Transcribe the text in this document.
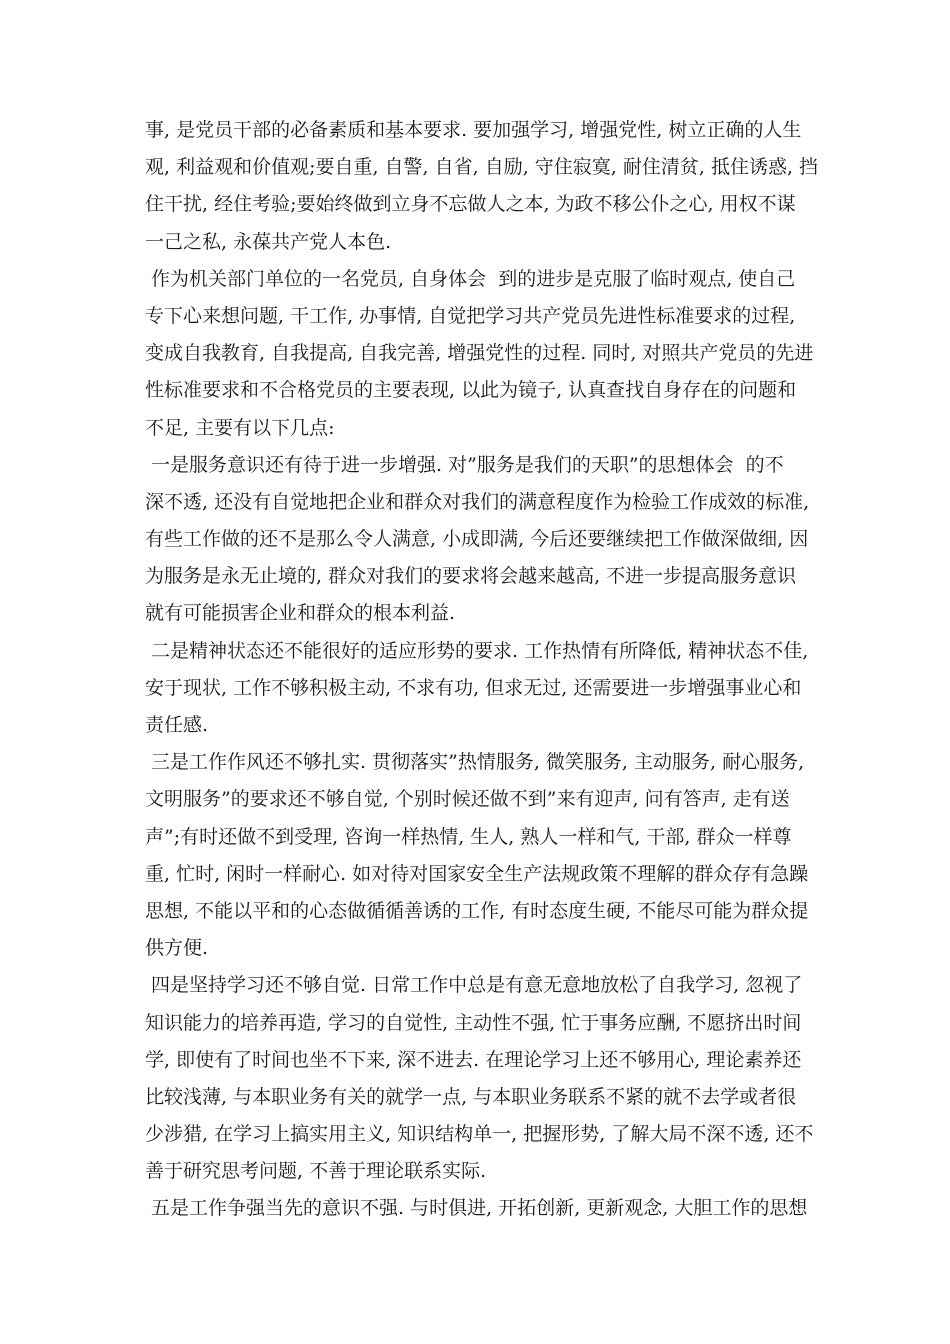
事, 是党员干部的必备素质和基本要求. 要加强学习, 增强党性, 树立正确的人生
观, 利益观和价值观;要自重, 自警, 自省, 自励, 守住寂寞, 耐住清贫, 抵住诱惑, 挡
住干扰, 经住考验;要始终做到立身不忘做人之本, 为政不移公仆之心, 用权不谋
一己之私, 永葆共产党人本色.
作为机关部门单位的一名党员, 自身体会  到的进步是克服了临时观点, 使自己
专下心来想问题, 干工作, 办事情, 自觉把学习共产党员先进性标准要求的过程,
变成自我教育, 自我提高, 自我完善, 增强党性的过程. 同时, 对照共产党员的先进
性标准要求和不合格党员的主要表现, 以此为镜子, 认真查找自身存在的问题和
不足, 主要有以下几点:
一是服务意识还有待于进一步增强. 对”服务是我们的天职”的思想体会  的不
深不透, 还没有自觉地把企业和群众对我们的满意程度作为检验工作成效的标准,
有些工作做的还不是那么令人满意, 小成即满, 今后还要继续把工作做深做细, 因
为服务是永无止境的, 群众对我们的要求将会越来越高, 不进一步提高服务意识
就有可能损害企业和群众的根本利益.
二是精神状态还不能很好的适应形势的要求. 工作热情有所降低, 精神状态不佳,
安于现状, 工作不够积极主动, 不求有功, 但求无过, 还需要进一步增强事业心和
责任感.
三是工作作风还不够扎实. 贯彻落实”热情服务, 微笑服务, 主动服务, 耐心服务,
文明服务”的要求还不够自觉, 个别时候还做不到”来有迎声, 问有答声, 走有送
声”;有时还做不到受理, 咨询一样热情, 生人, 熟人一样和气, 干部, 群众一样尊
重, 忙时, 闲时一样耐心. 如对待对国家安全生产法规政策不理解的群众存有急躁
思想, 不能以平和的心态做循循善诱的工作, 有时态度生硬, 不能尽可能为群众提
供方便.
四是坚持学习还不够自觉. 日常工作中总是有意无意地放松了自我学习, 忽视了
知识能力的培养再造, 学习的自觉性, 主动性不强, 忙于事务应酬, 不愿挤出时间
学, 即使有了时间也坐不下来, 深不进去. 在理论学习上还不够用心, 理论素养还
比较浅薄, 与本职业务有关的就学一点, 与本职业务联系不紧的就不去学或者很
少涉猎, 在学习上搞实用主义, 知识结构单一, 把握形势, 了解大局不深不透, 还不
善于研究思考问题, 不善于理论联系实际.
五是工作争强当先的意识不强. 与时俱进, 开拓创新, 更新观念, 大胆工作的思想
